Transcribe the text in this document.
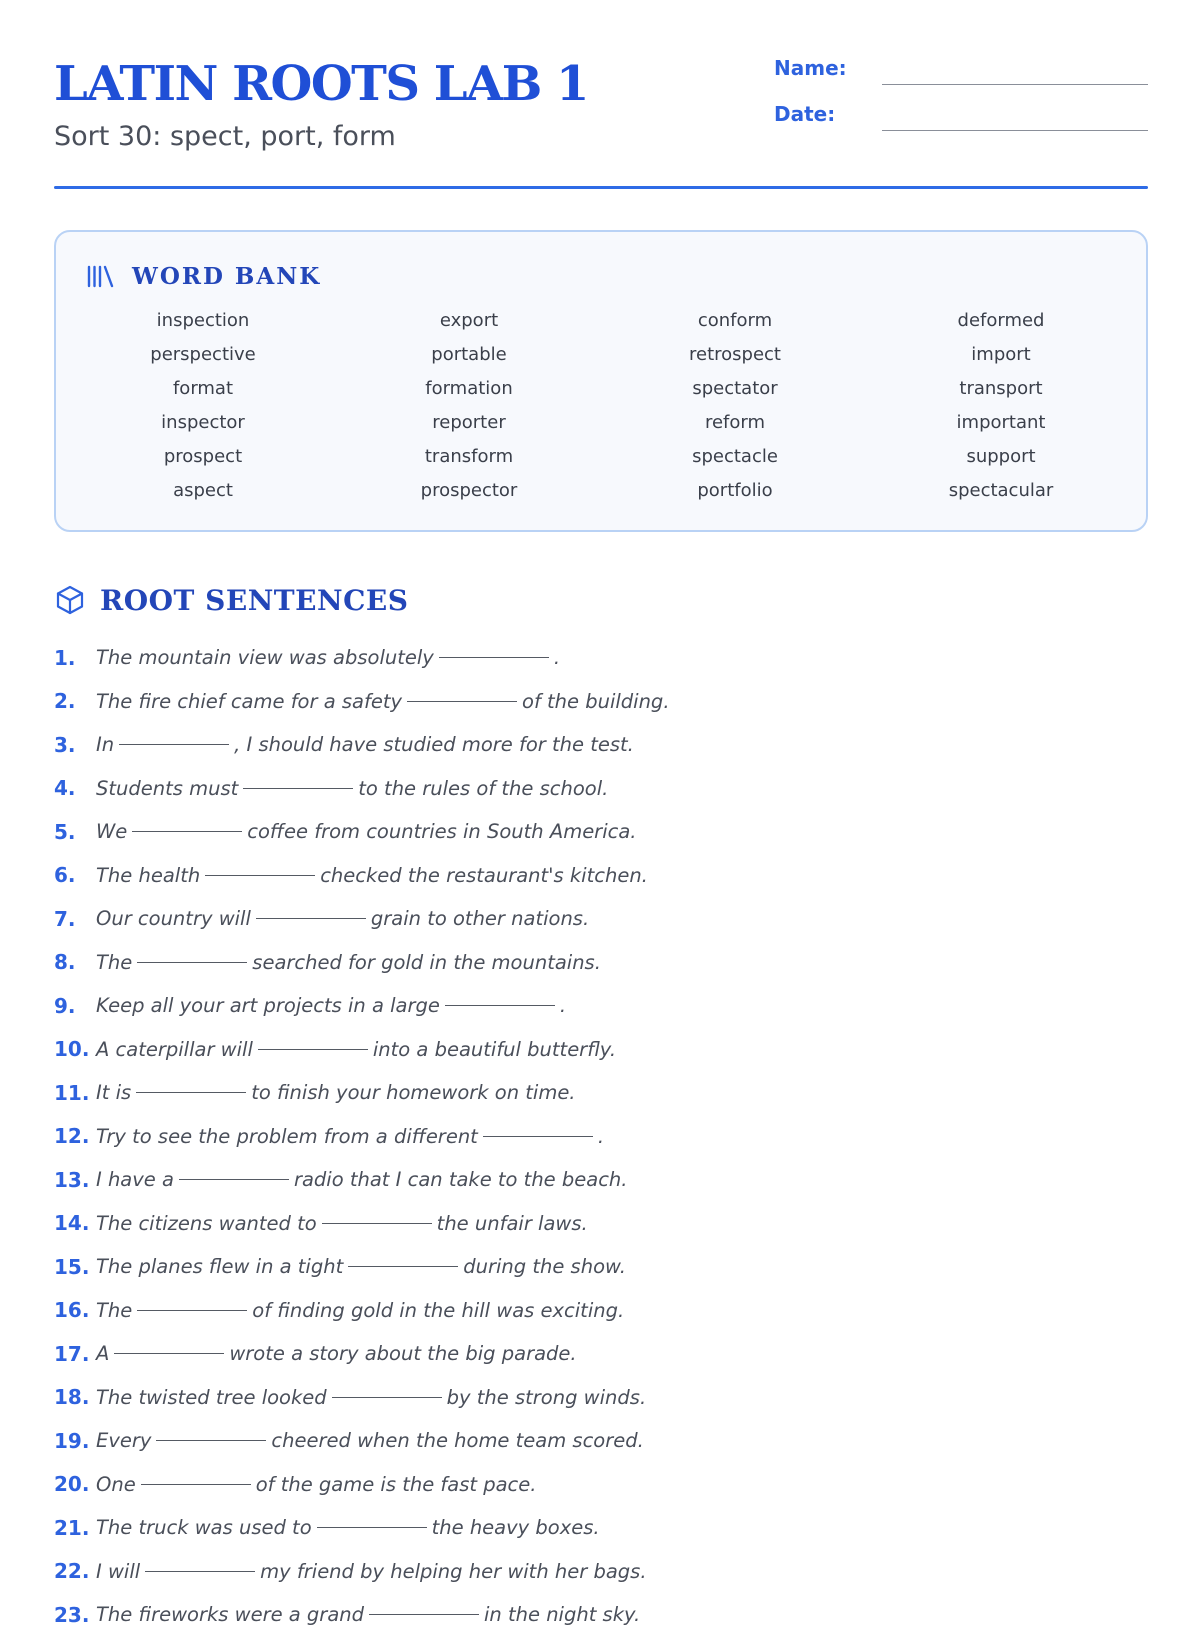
LATIN ROOTS LAB 1
Sort 30: spect, port, form
Name:
Date:
WORD BANK
inspection	export	conform	deformed
perspective	portable	retrospect	import
format	formation	spectator	transport
inspector	reporter	reform	important
prospect	transform	spectacle	support
aspect	prospector	portfolio	spectacular
ROOT SENTENCES
1.	The mountain view was absolutely	.
2.	The fire chief came for a safety	of the building.
3.	In	, I should have studied more for the test.
4.	Students must	to the rules of the school.
5.	We	coffee from countries in South America.
6.	The health	checked the restaurant's kitchen.
7.	Our country will	grain to other nations.
8.	The	searched for gold in the mountains.
9.	Keep all your art projects in a large	.
10. A caterpillar will	into a beautiful butterfly.
11. It is	to finish your homework on time.
12. Try to see the problem from a different	.
13. I have a	radio that I can take to the beach.
14. The citizens wanted to	the unfair laws.
15. The planes flew in a tight	during the show.
16. The	of finding gold in the hill was exciting.
17. A	wrote a story about the big parade.
18. The twisted tree looked	by the strong winds.
19. Every	cheered when the home team scored.
20. One	of the game is the fast pace.
21. The truck was used to	the heavy boxes.
22. I will	my friend by helping her with her bags.
23. The fireworks were a grand	in the night sky.
